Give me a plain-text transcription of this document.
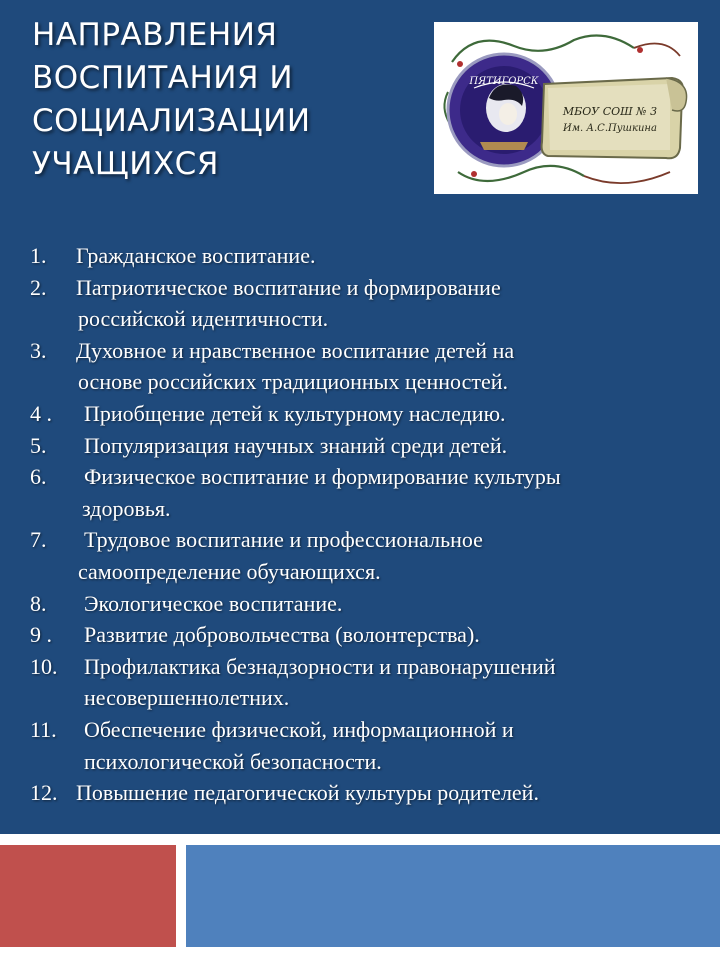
НАПРАВЛЕНИЯ
ВОСПИТАНИЯ И
СОЦИАЛИЗАЦИИ
УЧАЩИХСЯ
ПЯТИГОРСК
МБОУ СОШ № 3
Им. А.С.Пушкина
1. Гражданское воспитание.
2. Патриотическое воспитание и формирование
российской идентичности.
3. Духовное и нравственное воспитание детей на
основе российских традиционных ценностей.
4 . Приобщение детей к культурному наследию.
5. Популяризация научных знаний среди детей.
6. Физическое воспитание и формирование культуры
здоровья.
7. Трудовое воспитание и профессиональное
самоопределение обучающихся.
8. Экологическое воспитание.
9 . Развитие добровольчества (волонтерства).
10. Профилактика безнадзорности и правонарушений
несовершеннолетних.
11. Обеспечение физической, информационной и
психологической безопасности.
12. Повышение педагогической культуры родителей.
